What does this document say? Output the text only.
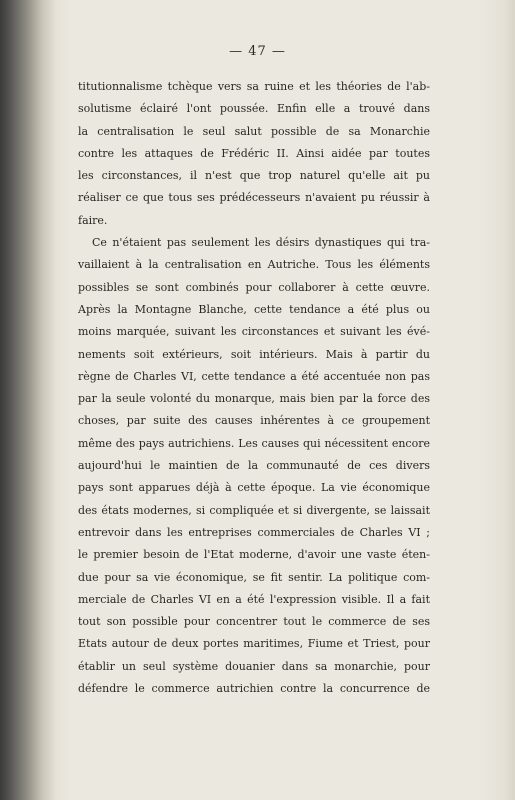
— 47 —
titutionnalisme tchèque vers sa ruine et les théories de l'ab-
solutisme éclairé l'ont poussée. Enfin elle a trouvé dans
la centralisation le seul salut possible de sa Monarchie
contre les attaques de Frédéric II. Ainsi aidée par toutes
les circonstances, il n'est que trop naturel qu'elle ait pu
réaliser ce que tous ses prédécesseurs n'avaient pu réussir à
faire.
Ce n'étaient pas seulement les désirs dynastiques qui tra-
vaillaient à la centralisation en Autriche. Tous les éléments
possibles se sont combinés pour collaborer à cette œuvre.
Après la Montagne Blanche, cette tendance a été plus ou
moins marquée, suivant les circonstances et suivant les évé-
nements soit extérieurs, soit intérieurs. Mais à partir du
règne de Charles VI, cette tendance a été accentuée non pas
par la seule volonté du monarque, mais bien par la force des
choses, par suite des causes inhérentes à ce groupement
même des pays autrichiens. Les causes qui nécessitent encore
aujourd'hui le maintien de la communauté de ces divers
pays sont apparues déjà à cette époque. La vie économique
des états modernes, si compliquée et si divergente, se laissait
entrevoir dans les entreprises commerciales de Charles VI ;
le premier besoin de l'Etat moderne, d'avoir une vaste éten-
due pour sa vie économique, se fit sentir. La politique com-
merciale de Charles VI en a été l'expression visible. Il a fait
tout son possible pour concentrer tout le commerce de ses
Etats autour de deux portes maritimes, Fiume et Triest, pour
établir un seul système douanier dans sa monarchie, pour
défendre le commerce autrichien contre la concurrence de
